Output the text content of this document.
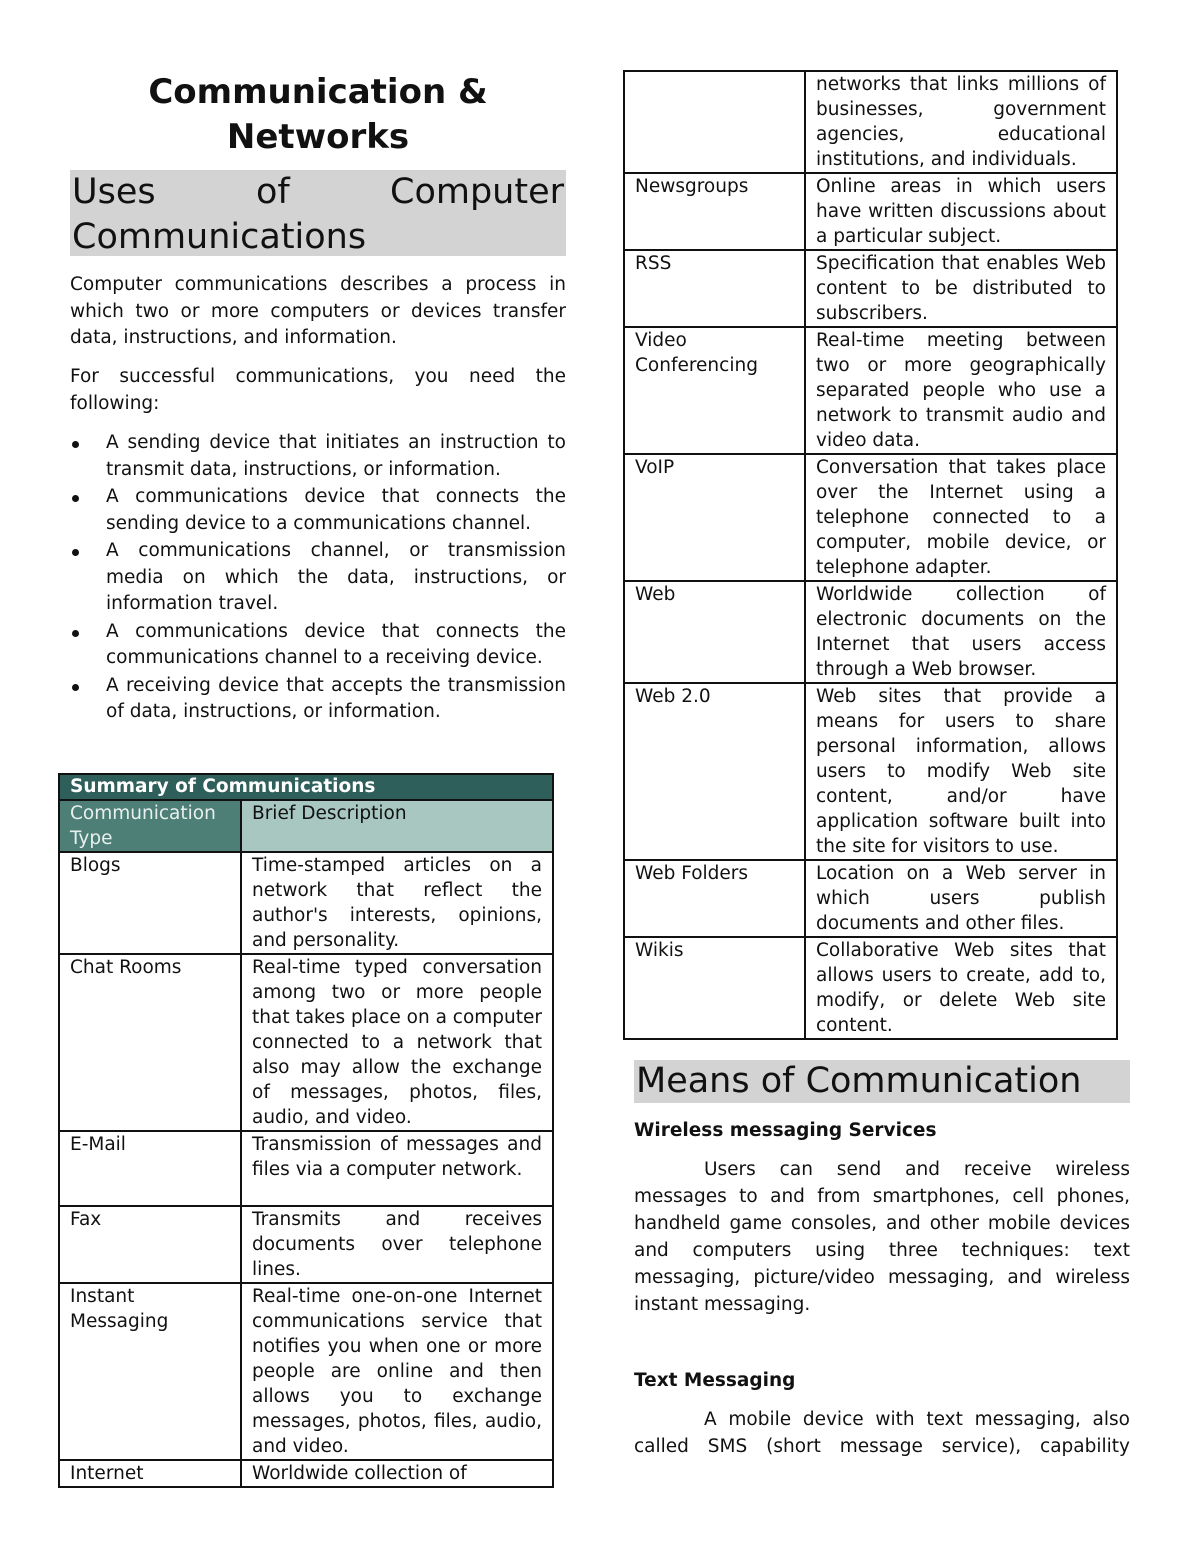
Communication &
Networks
Uses	of	Computer
Communications

Computer communications describes a process in which two or more computers or devices transfer data, instructions, and information.

For successful communications, you need the following:

A sending device that initiates an instruction to transmit data, instructions, or information.
A communications device that connects the sending device to a communications channel.
A communications channel, or transmission media on which the data, instructions, or information travel.
A communications device that connects the communications channel to a receiving device.
A receiving device that accepts the transmission of data, instructions, or information.
Summary of Communications	
Communication Type	Brief Description
Blogs	Time-stamped articles on a network that reflect the author's interests, opinions, and personality.
Chat Rooms	Real-time typed conversation among two or more people that takes place on a computer connected to a network that also may allow the exchange of messages, photos, files, audio, and video.
E-Mail	Transmission of messages and files via a computer network.
Fax	Transmits and receives documents over telephone lines.
Instant Messaging	Real-time one-on-one Internet communications service that notifies you when one or more people are online and then allows you to exchange messages, photos, files, audio, and video.
Internet	Worldwide collection of
	networks that links millions of businesses, government agencies, educational institutions, and individuals.
Newsgroups	Online areas in which users have written discussions about a particular subject.
RSS	Specification that enables Web content to be distributed to subscribers.
Video Conferencing	Real-time meeting between two or more geographically separated people who use a network to transmit audio and video data.
VoIP	Conversation that takes place over the Internet using a telephone connected to a computer, mobile device, or telephone adapter.
Web	Worldwide collection of electronic documents on the Internet that users access through a Web browser.
Web 2.0	Web sites that provide a means for users to share personal information, allows users to modify Web site content, and/or have application software built into the site for visitors to use.
Web Folders	Location on a Web server in which users publish documents and other files.
Wikis	Collaborative Web sites that allows users to create, add to, modify, or delete Web site content.
Means of Communication
Wireless messaging Services

Users can send and receive wireless messages to and from smartphones, cell phones, handheld game consoles, and other mobile devices and computers using three techniques: text messaging, picture/video messaging, and wireless instant messaging.

Text Messaging

A mobile device with text messaging, also called SMS (short message service), capability
